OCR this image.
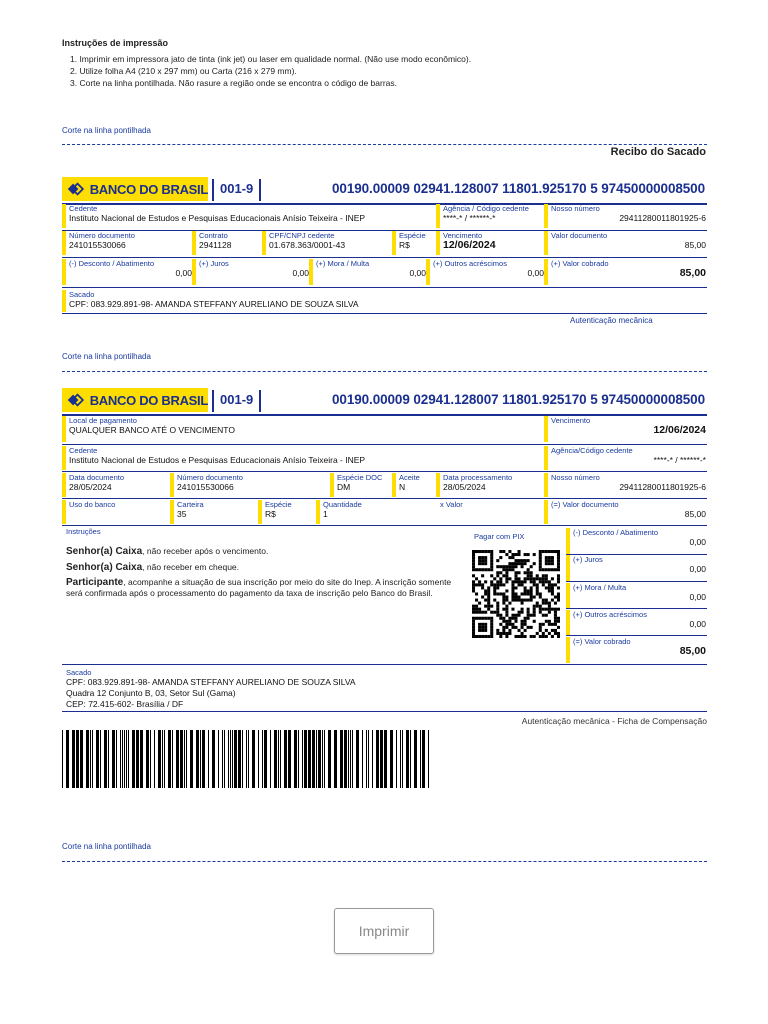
Instruções de impressão
1. Imprimir em impressora jato de tinta (ink jet) ou laser em qualidade normal. (Não use modo econômico).
2. Utilize folha A4 (210 x 297 mm) ou Carta (216 x 279 mm).
3. Corte na linha pontilhada. Não rasure a região onde se encontra o código de barras.
Corte na linha pontilhada
Recibo do Sacado
BANCO DO BRASIL 001-9	00190.00009 02941.128007 11801.925170 5 97450000008500
Cedente
Instituto Nacional de Estudos e Pesquisas Educacionais Anísio Teixeira - INEP
Agência / Código cedente
****-* / ******-*
Nosso número
29411280011801925-6
Número documento
241015530066
Contrato
2941128
CPF/CNPJ cedente
01.678.363/0001-43
Espécie
R$
Vencimento
12/06/2024
Valor documento
85,00
(-) Desconto / Abatimento
0,00
(+) Juros
0,00
(+) Mora / Multa
0,00
(+) Outros acréscimos
0,00
(+) Valor cobrado
85,00
Sacado
CPF: 083.929.891-98- AMANDA STEFFANY AURELIANO DE SOUZA SILVA
Autenticação mecânica
Corte na linha pontilhada
BANCO DO BRASIL 001-9	00190.00009 02941.128007 11801.925170 5 97450000008500
Local de pagamento
QUALQUER BANCO ATÉ O VENCIMENTO
Vencimento
12/06/2024
Cedente
Instituto Nacional de Estudos e Pesquisas Educacionais Anísio Teixeira - INEP
Agência/Código cedente
****-* / ******-*
Data documento
28/05/2024
Número documento
241015530066
Espécie DOC
DM
Aceite
N
Data processamento
28/05/2024
Nosso número
29411280011801925-6
Uso do banco	Carteira
35
Espécie
R$
Quantidade
1
x Valor	(=) Valor documento
85,00
Instruções
Senhor(a) Caixa, não receber após o vencimento.
Senhor(a) Caixa, não receber em cheque.
Participante, acompanhe a situação de sua inscrição por meio do site do Inep. A inscrição somente será confirmada após o processamento do pagamento da taxa de inscrição pelo Banco do Brasil.
Pagar com PIX	(-) Desconto / Abatimento
0,00
(+) Juros
0,00
(+) Mora / Multa
0,00
(+) Outros acréscimos
0,00
(=) Valor cobrado
85,00
Sacado
CPF: 083.929.891-98- AMANDA STEFFANY AURELIANO DE SOUZA SILVA
Quadra 12 Conjunto B, 03, Setor Sul (Gama)
CEP: 72.415-602- Brasília / DF
Autenticação mecânica - Ficha de Compensação
Corte na linha pontilhada
Imprimir
